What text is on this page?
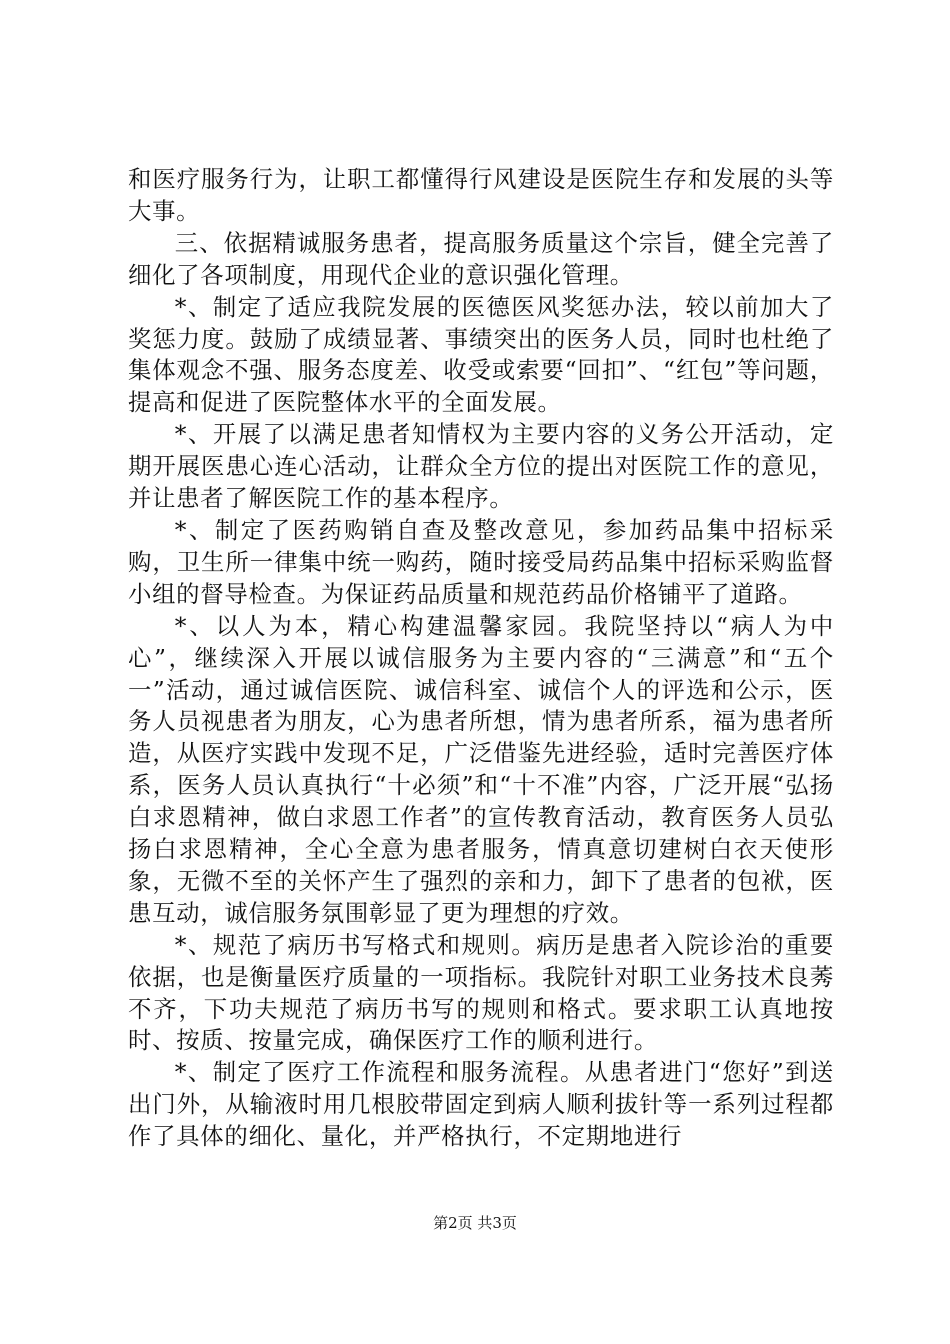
和医疗服务行为，让职工都懂得行风建设是医院生存和发展的头等大事。

三、依据精诚服务患者，提高服务质量这个宗旨，健全完善了细化了各项制度，用现代企业的意识强化管理。

*、制定了适应我院发展的医德医风奖惩办法，较以前加大了奖惩力度。鼓励了成绩显著、事绩突出的医务人员，同时也杜绝了集体观念不强、服务态度差、收受或索要“回扣”、“红包”等问题，提高和促进了医院整体水平的全面发展。

*、开展了以满足患者知情权为主要内容的义务公开活动，定期开展医患心连心活动，让群众全方位的提出对医院工作的意见，并让患者了解医院工作的基本程序。

*、制定了医药购销自查及整改意见，参加药品集中招标采购，卫生所一律集中统一购药，随时接受局药品集中招标采购监督小组的督导检查。为保证药品质量和规范药品价格铺平了道路。

*、以人为本，精心构建温馨家园。我院坚持以“病人为中心”，继续深入开展以诚信服务为主要内容的“三满意”和“五个一”活动，通过诚信医院、诚信科室、诚信个人的评选和公示，医务人员视患者为朋友，心为患者所想，情为患者所系，福为患者所造，从医疗实践中发现不足，广泛借鉴先进经验，适时完善医疗体系，医务人员认真执行“十必须”和“十不准”内容，广泛开展“弘扬白求恩精神，做白求恩工作者”的宣传教育活动，教育医务人员弘扬白求恩精神，全心全意为患者服务，情真意切建树白衣天使形象，无微不至的关怀产生了强烈的亲和力，卸下了患者的包袱，医患互动，诚信服务氛围彰显了更为理想的疗效。

*、规范了病历书写格式和规则。病历是患者入院诊治的重要依据，也是衡量医疗质量的一项指标。我院针对职工业务技术良莠不齐，下功夫规范了病历书写的规则和格式。要求职工认真地按时、按质、按量完成，确保医疗工作的顺利进行。

*、制定了医疗工作流程和服务流程。从患者进门“您好”到送出门外，从输液时用几根胶带固定到病人顺利拔针等一系列过程都作了具体的细化、量化，并严格执行，不定期地进行

第2页 共3页
